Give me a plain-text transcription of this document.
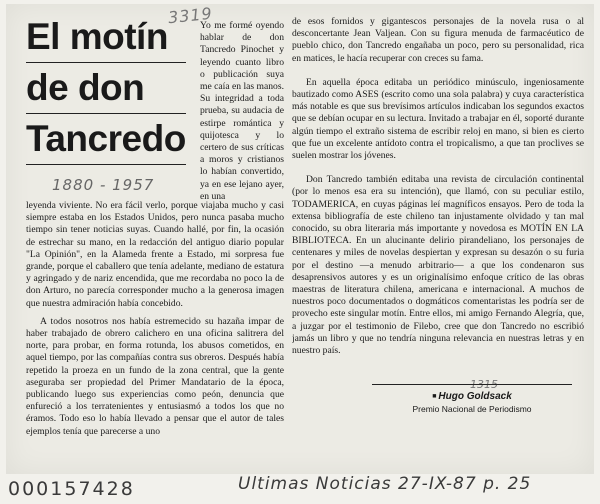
3319
El motín
de don
Tancredo
1880 - 1957
Yo me formé oyendo hablar de don Tancredo Pinochet y leyendo cuanto libro o publicación suya me caía en las manos. Su integridad a toda prueba, su audacia de estirpe romántica y quijotesca y lo certero de sus críticas a moros y cristianos lo habían convertido, ya en ese lejano ayer, en una

leyenda viviente. No era fácil verlo, porque viajaba mucho y casi siempre estaba en los Estados Unidos, pero nunca pasaba mucho tiempo sin tener noticias suyas. Cuando hallé, por fin, la ocasión de estrechar su mano, en la redacción del antiguo diario popular "La Opinión", en la Alameda frente a Estado, mi sorpresa fue grande, porque el caballero que tenía adelante, mediano de estatura y agringado y de nariz encendida, que me recordaba no poco la de don Arturo, no parecía corresponder mucho a la generosa imagen que nuestra admiración había concebido.

A todos nosotros nos había estremecido su hazaña impar de haber trabajado de obrero calichero en una oficina salitrera del norte, para probar, en forma rotunda, los abusos cometidos, en aquel tiempo, por las compañías contra sus obreros. Después había repetido la proeza en un fundo de la zona central, que la gente aseguraba ser propiedad del Primer Mandatario de la época, publicando luego sus experiencias como peón, denuncia que enfureció a los terratenientes y entusiasmó a todos los que no éramos. Todo eso lo había llevado a pensar que el autor de tales ejemplos tenía que parecerse a uno

de esos fornidos y gigantescos personajes de la novela rusa o al desconcertante Jean Valjean. Con su figura menuda de farmacéutico de pueblo chico, don Tancredo engañaba un poco, pero su personalidad, rica en matices, le hacía recuperar con creces su fama.

En aquella época editaba un periódico minúsculo, ingeniosamente bautizado como ASES (escrito como una sola palabra) y cuya característica más notable es que sus brevísimos artículos indicaban los segundos exactos que se debían ocupar en su lectura. Invitado a trabajar en él, soporté durante algún tiempo el extraño sistema de escribir reloj en mano, si bien es cierto que fue un excelente antídoto contra el tropicalismo, a que tan proclives se suelen mostrar los jóvenes.

Don Tancredo también editaba una revista de circulación continental (por lo menos esa era su intención), que llamó, con su peculiar estilo, TODAMERICA, en cuyas páginas leí magníficos ensayos. Pero de toda la extensa bibliografía de este chileno tan injustamente olvidado y tan mal conocido, su obra literaria más importante y novedosa es MOTÍN EN LA BIBLIOTECA. En un alucinante delirio pirandeliano, los personajes de centenares y miles de novelas despiertan y expresan su desazón o su furia por el destino —a menudo arbitrario— a que los condenaron sus desaprensivos autores y es un originalísimo enfoque crítico de las obras maestras de literatura chilena, americana e internacional. A muchos de nuestros poco documentados o dogmáticos comentaristas les podría ser de provecho este singular motín. Entre ellos, mi amigo Fernando Alegría, que, a juzgar por el testimonio de Filebo, cree que don Tancredo no escribió jamás un libro y que no tendría ninguna relevancia en nuestras letras y en nuestro país.

1315
■ Hugo Goldsack
Premio Nacional de Periodismo
000157428	Ultimas Noticias 27-IX-87 p. 25
